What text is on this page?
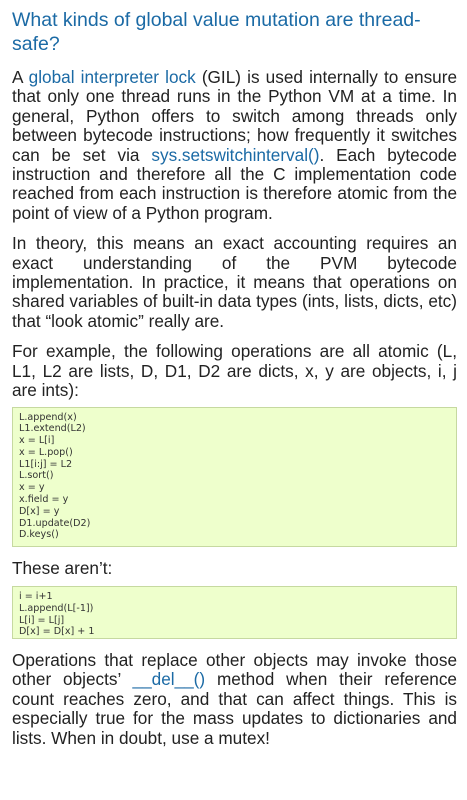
What kinds of global value mutation are thread-safe?

A global interpreter lock (GIL) is used internally to ensure that only one thread runs in the Python VM at a time. In general, Python offers to switch among threads only between bytecode instructions; how frequently it switches can be set via sys.setswitchinterval(). Each bytecode instruction and therefore all the C implementation code reached from each instruction is therefore atomic from the point of view of a Python program.

In theory, this means an exact accounting requires an exact understanding of the PVM bytecode implementation. In practice, it means that operations on shared variables of built-in data types (ints, lists, dicts, etc) that “look atomic” really are.

For example, the following operations are all atomic (L, L1, L2 are lists, D, D1, D2 are dicts, x, y are objects, i, j are ints):

L.append(x)
L1.extend(L2)
x = L[i]
x = L.pop()
L1[i:j] = L2
L.sort()
x = y
x.field = y
D[x] = y
D1.update(D2)
D.keys()

These aren’t:

i = i+1
L.append(L[-1])
L[i] = L[j]
D[x] = D[x] + 1

Operations that replace other objects may invoke those other objects’ __del__() method when their reference count reaches zero, and that can affect things. This is especially true for the mass updates to dictionaries and lists. When in doubt, use a mutex!
